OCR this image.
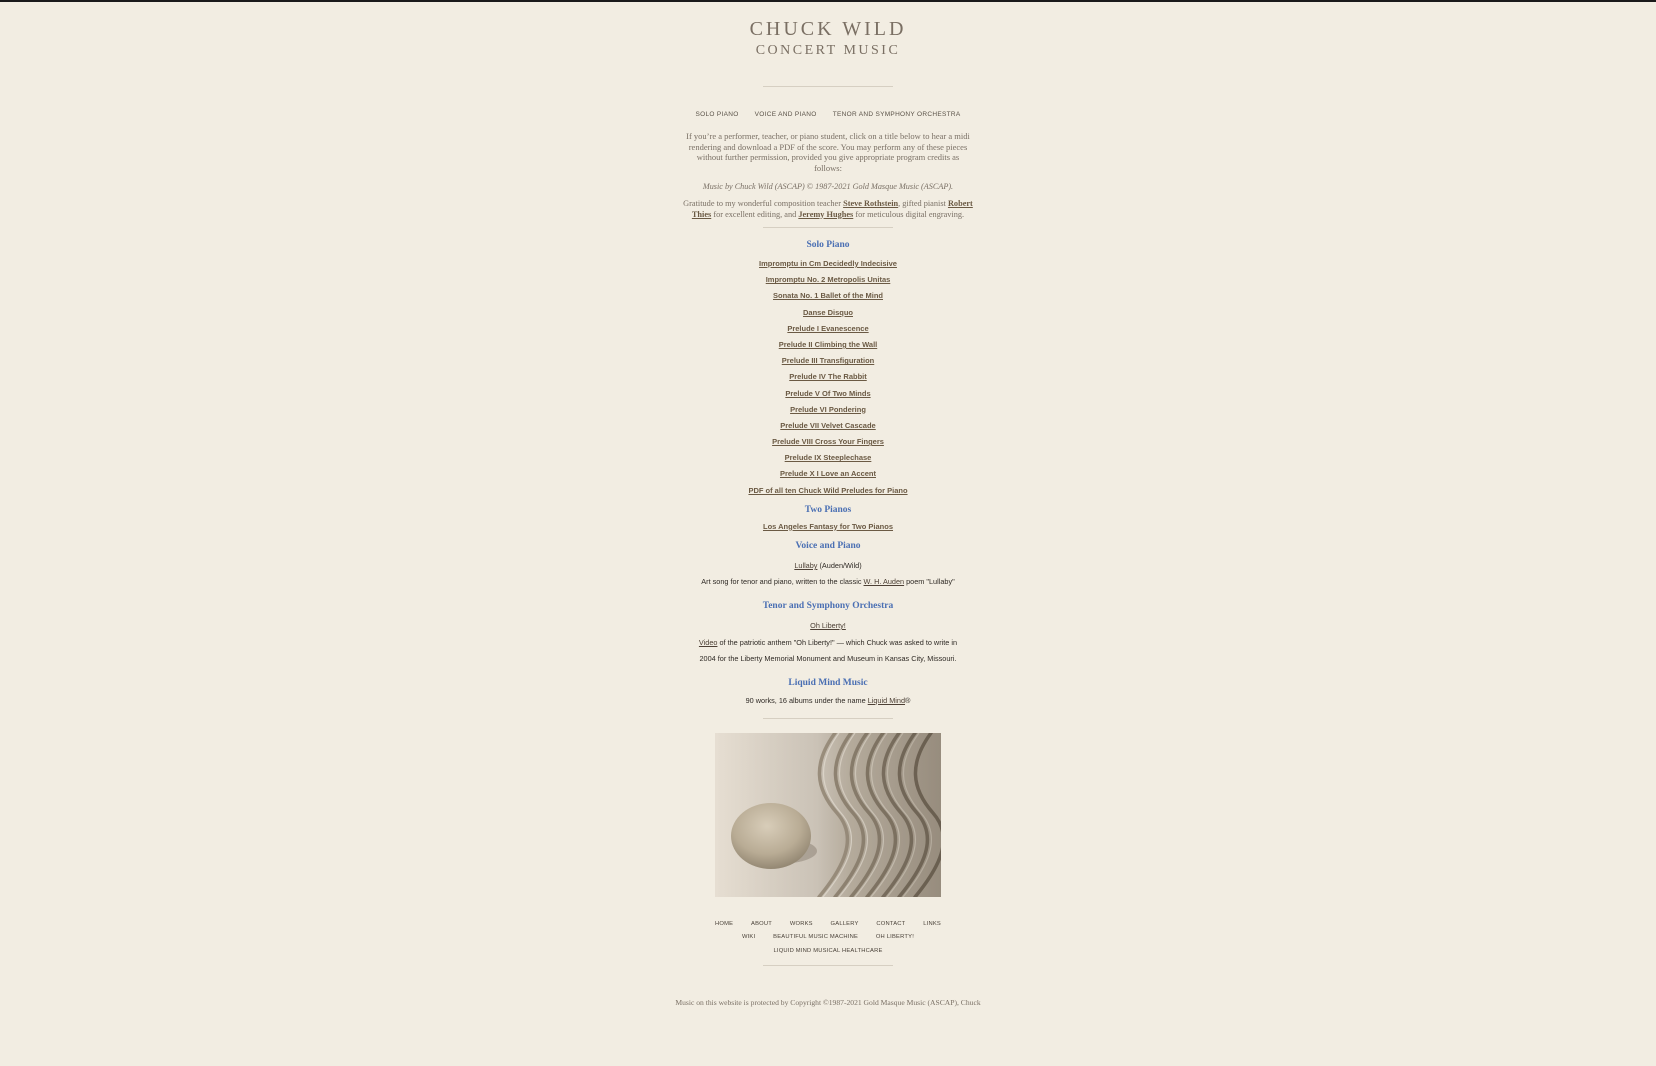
CHUCK WILD
CONCERT MUSIC
SOLO PIANO VOICE AND PIANO TENOR AND SYMPHONY ORCHESTRA
If you’re a performer, teacher, or piano student, click on a title below to hear a midi rendering and download a PDF of the score. You may perform any of these pieces without further permission, provided you give appropriate program credits as follows:
Music by Chuck Wild (ASCAP) © 1987-2021 Gold Masque Music (ASCAP).
Gratitude to my wonderful composition teacher Steve Rothstein, gifted pianist Robert Thies for excellent editing, and Jeremy Hughes for meticulous digital engraving.
Solo Piano
Impromptu in Cm Decidedly Indecisive
Impromptu No. 2 Metropolis Unitas
Sonata No. 1 Ballet of the Mind
Danse Disquo
Prelude I Evanescence
Prelude II Climbing the Wall
Prelude III Transfiguration
Prelude IV The Rabbit
Prelude V Of Two Minds
Prelude VI Pondering
Prelude VII Velvet Cascade
Prelude VIII Cross Your Fingers
Prelude IX Steeplechase
Prelude X I Love an Accent
PDF of all ten Chuck Wild Preludes for Piano
Two Pianos
Los Angeles Fantasy for Two Pianos
Voice and Piano
Lullaby (Auden/Wild)
Art song for tenor and piano, written to the classic W. H. Auden poem "Lullaby"
Tenor and Symphony Orchestra
Oh Liberty!
Video of the patriotic anthem "Oh Liberty!" — which Chuck was asked to write in
2004 for the Liberty Memorial Monument and Museum in Kansas City, Missouri.
Liquid Mind Music
90 works, 16 albums under the name Liquid Mind®
HOME	ABOUT	WORKS	GALLERY	CONTACT	LINKS
WIKI	BEAUTIFUL MUSIC MACHINE	OH LIBERTY!
LIQUID MIND MUSICAL HEALTHCARE
Music on this website is protected by Copyright ©1987-2021 Gold Masque Music (ASCAP), Chuck
